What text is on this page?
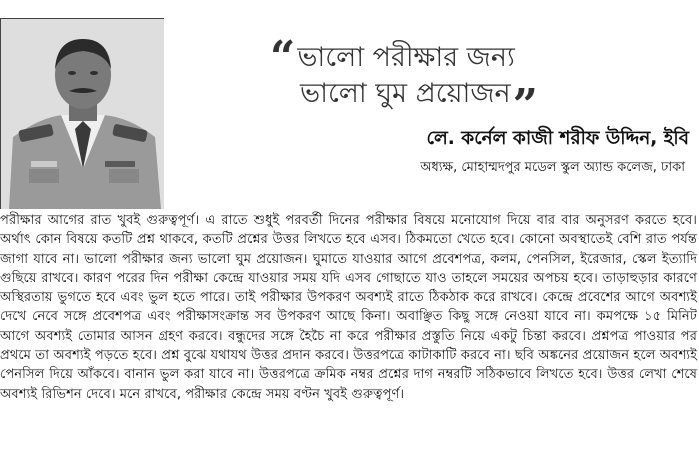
“ভালো পরীক্ষার জন্য
ভালো ঘুম প্রয়োজন”
লে. কর্নেল কাজী শরীফ উদ্দিন, ইবি
অধ্যক্ষ, মোহাম্মদপুর মডেল স্কুল অ্যান্ড কলেজ, ঢাকা

পরীক্ষার আগের রাত খুবই গুরুত্বপূর্ণ। এ রাতে শুধুই পরবর্তী দিনের পরীক্ষার বিষয়ে মনোযোগ দিয়ে বার বার অনুসরণ করতে হবে। অর্থাৎ কোন বিষয়ে কতটি প্রশ্ন থাকবে, কতটি প্রশ্নের উত্তর লিখতে হবে এসব। ঠিকমতো খেতে হবে। কোনো অবস্থাতেই বেশি রাত পর্যন্ত জাগা যাবে না। ভালো পরীক্ষার জন্য ভালো ঘুম প্রয়োজন। ঘুমাতে যাওয়ার আগে প্রবেশপত্র, কলম, পেনসিল, ইরেজার, স্কেল ইত্যাদি গুছিয়ে রাখবে। কারণ পরের দিন পরীক্ষা কেন্দ্রে যাওয়ার সময় যদি এসব গোছাতে যাও তাহলে সময়ের অপচয় হবে। তাড়াহুড়ার কারণে অস্থিরতায় ভুগতে হবে এবং ভুল হতে পারে। তাই পরীক্ষার উপকরণ অবশ্যই রাতে ঠিকঠাক করে রাখবে। কেন্দ্রে প্রবেশের আগে অবশ্যই দেখে নেবে সঙ্গে প্রবেশপত্র এবং পরীক্ষাসংক্রান্ত সব উপকরণ আছে কিনা। অবাঞ্ছিত কিছু সঙ্গে নেওয়া যাবে না। কমপক্ষে ১৫ মিনিট আগে অবশ্যই তোমার আসন গ্রহণ করবে। বন্ধুদের সঙ্গে হৈচৈ না করে পরীক্ষার প্রস্তুতি নিয়ে একটু চিন্তা করবে। প্রশ্নপত্র পাওয়ার পর প্রথমে তা অবশ্যই পড়তে হবে। প্রশ্ন বুঝে যথাযথ উত্তর প্রদান করবে। উত্তরপত্রে কাটাকাটি করবে না। ছবি অঙ্কনের প্রয়োজন হলে অবশ্যই পেনসিল দিয়ে আঁকবে। বানান ভুল করা যাবে না। উত্তরপত্রে ক্রমিক নম্বর প্রশ্নের দাগ নম্বরটি সঠিকভাবে লিখতে হবে। উত্তর লেখা শেষে অবশ্যই রিভিশন দেবে। মনে রাখবে, পরীক্ষার কেন্দ্রে সময় বণ্টন খুবই গুরুত্বপূর্ণ।
